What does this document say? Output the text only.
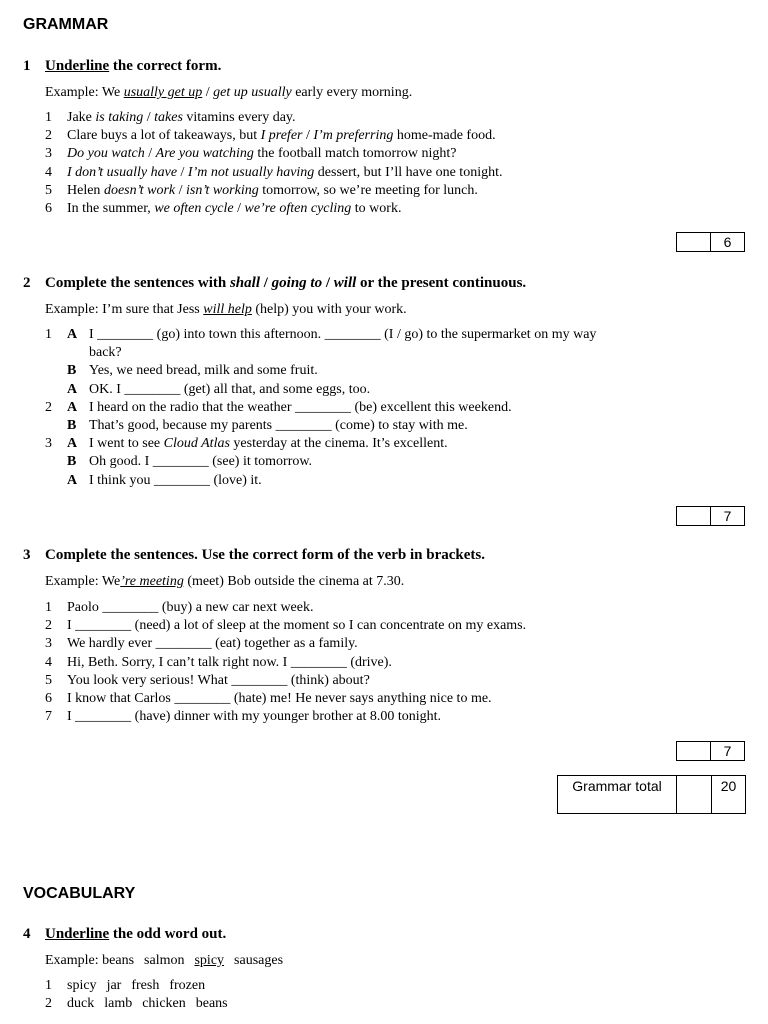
GRAMMAR
1 Underline the correct form.
Example: We usually get up / get up usually early every morning.
1 Jake is taking / takes vitamins every day.
2 Clare buys a lot of takeaways, but I prefer / I’m preferring home-made food.
3 Do you watch / Are you watching the football match tomorrow night?
4 I don’t usually have / I’m not usually having dessert, but I’ll have one tonight.
5 Helen doesn’t work / isn’t working tomorrow, so we’re meeting for lunch.
6 In the summer, we often cycle / we’re often cycling to work.
6
2 Complete the sentences with shall / going to / will or the present continuous.
Example: I’m sure that Jess will help (help) you with your work.
1 A I ________ (go) into town this afternoon. ________ (I / go) to the supermarket on my way
back?
B Yes, we need bread, milk and some fruit.
A OK. I ________ (get) all that, and some eggs, too.
2 A I heard on the radio that the weather ________ (be) excellent this weekend.
B That’s good, because my parents ________ (come) to stay with me.
3 A I went to see Cloud Atlas yesterday at the cinema. It’s excellent.
B Oh good. I ________ (see) it tomorrow.
A I think you ________ (love) it.
7
3 Complete the sentences. Use the correct form of the verb in brackets.
Example: We’re meeting (meet) Bob outside the cinema at 7.30.
1 Paolo ________ (buy) a new car next week.
2 I ________ (need) a lot of sleep at the moment so I can concentrate on my exams.
3 We hardly ever ________ (eat) together as a family.
4 Hi, Beth. Sorry, I can’t talk right now. I ________ (drive).
5 You look very serious! What ________ (think) about?
6 I know that Carlos ________ (hate) me! He never says anything nice to me.
7 I ________ (have) dinner with my younger brother at 8.00 tonight.
7
Grammar total	20
VOCABULARY
4 Underline the odd word out.
Example: beans salmon spicy sausages
1 spicy jar fresh frozen
2 duck lamb chicken beans
